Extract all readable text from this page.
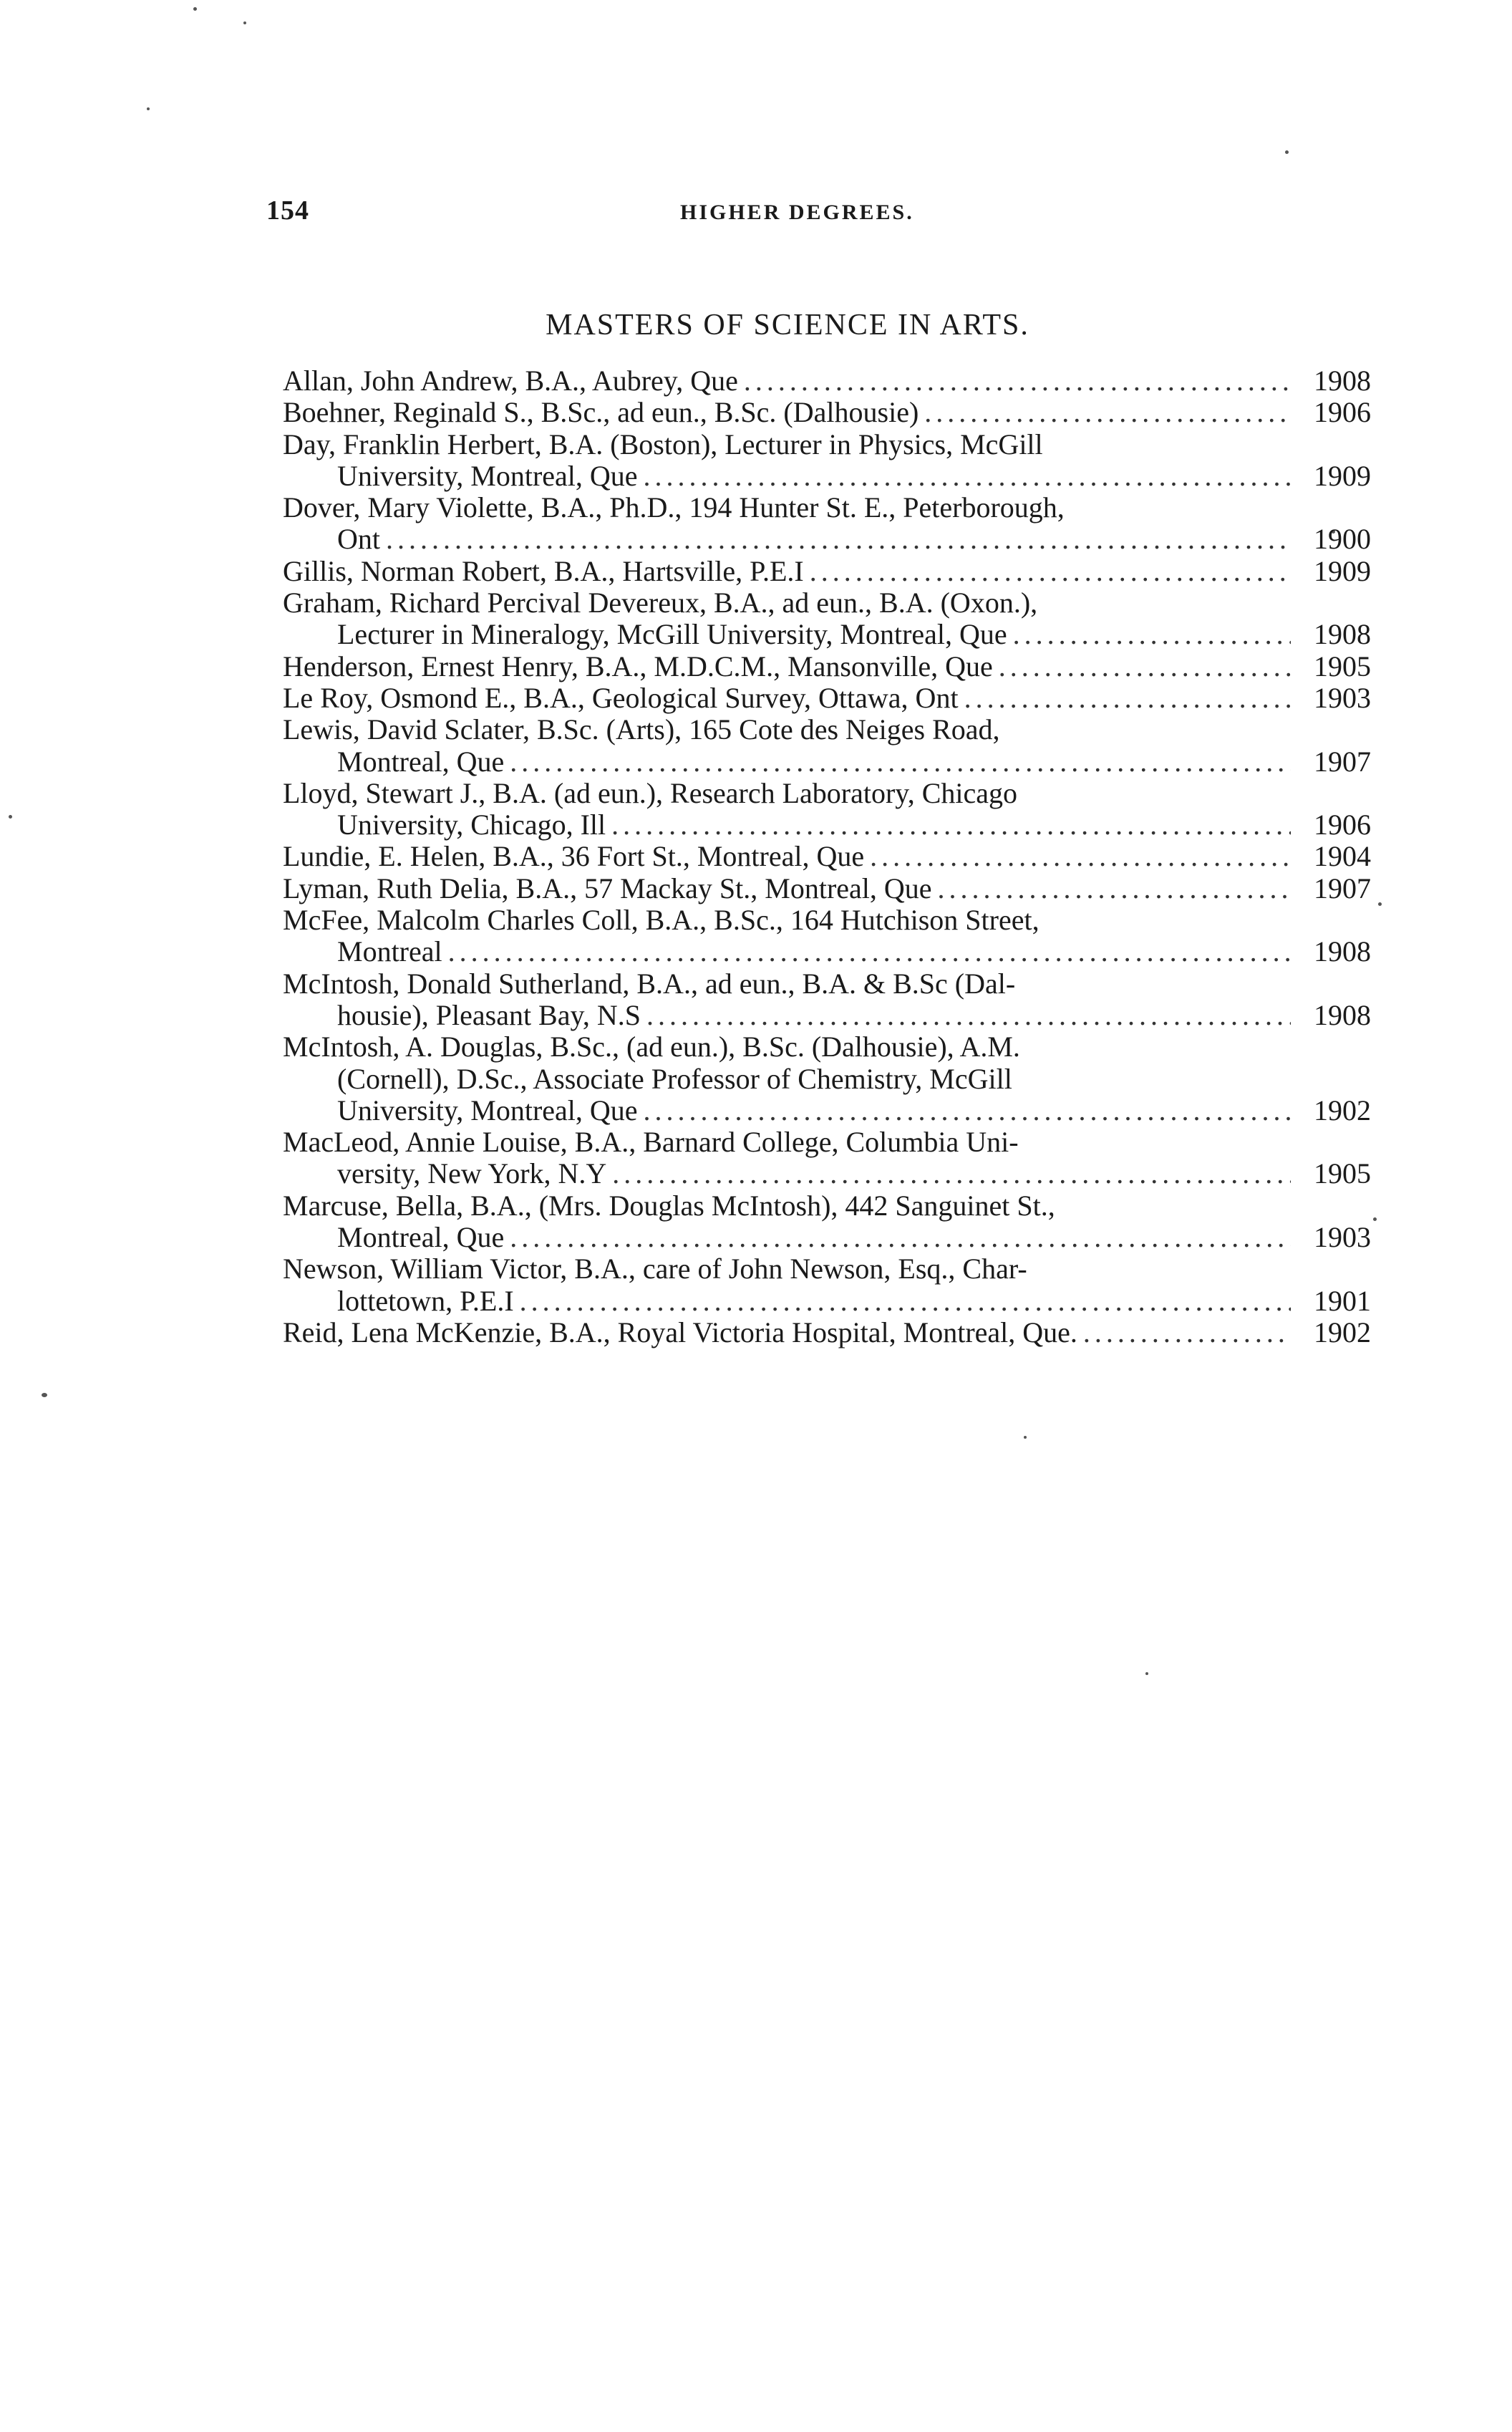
154	HIGHER DEGREES.
MASTERS OF SCIENCE IN ARTS.
Allan, John Andrew, B.A., Aubrey, Que .....	1908
Boehner, Reginald S., B.Sc., ad eun., B.Sc. (Dalhousie) .....	1906
Day, Franklin Herbert, B.A. (Boston), Lecturer in Physics, McGill
University, Montreal, Que .....	1909
Dover, Mary Violette, B.A., Ph.D., 194 Hunter St. E., Peterborough,
Ont .....	1900
Gillis, Norman Robert, B.A., Hartsville, P.E.I .....	1909
Graham, Richard Percival Devereux, B.A., ad eun., B.A. (Oxon.),
Lecturer in Mineralogy, McGill University, Montreal, Que .....	1908
Henderson, Ernest Henry, B.A., M.D.C.M., Mansonville, Que .....	1905
Le Roy, Osmond E., B.A., Geological Survey, Ottawa, Ont .....	1903
Lewis, David Sclater, B.Sc. (Arts), 165 Cote des Neiges Road,
Montreal, Que .....	1907
Lloyd, Stewart J., B.A. (ad eun.), Research Laboratory, Chicago
University, Chicago, Ill .....	1906
Lundie, E. Helen, B.A., 36 Fort St., Montreal, Que .....	1904
Lyman, Ruth Delia, B.A., 57 Mackay St., Montreal, Que .....	1907
McFee, Malcolm Charles Coll, B.A., B.Sc., 164 Hutchison Street,
Montreal .....	1908
McIntosh, Donald Sutherland, B.A., ad eun., B.A. & B.Sc (Dal-
housie), Pleasant Bay, N.S .....	1908
McIntosh, A. Douglas, B.Sc., (ad eun.), B.Sc. (Dalhousie), A.M.
(Cornell), D.Sc., Associate Professor of Chemistry, McGill
University, Montreal, Que .....	1902
MacLeod, Annie Louise, B.A., Barnard College, Columbia Uni-
versity, New York, N.Y .....	1905
Marcuse, Bella, B.A., (Mrs. Douglas McIntosh), 442 Sanguinet St.,
Montreal, Que .....	1903
Newson, William Victor, B.A., care of John Newson, Esq., Char-
lottetown, P.E.I .....	1901
Reid, Lena McKenzie, B.A., Royal Victoria Hospital, Montreal, Que. .....	1902
